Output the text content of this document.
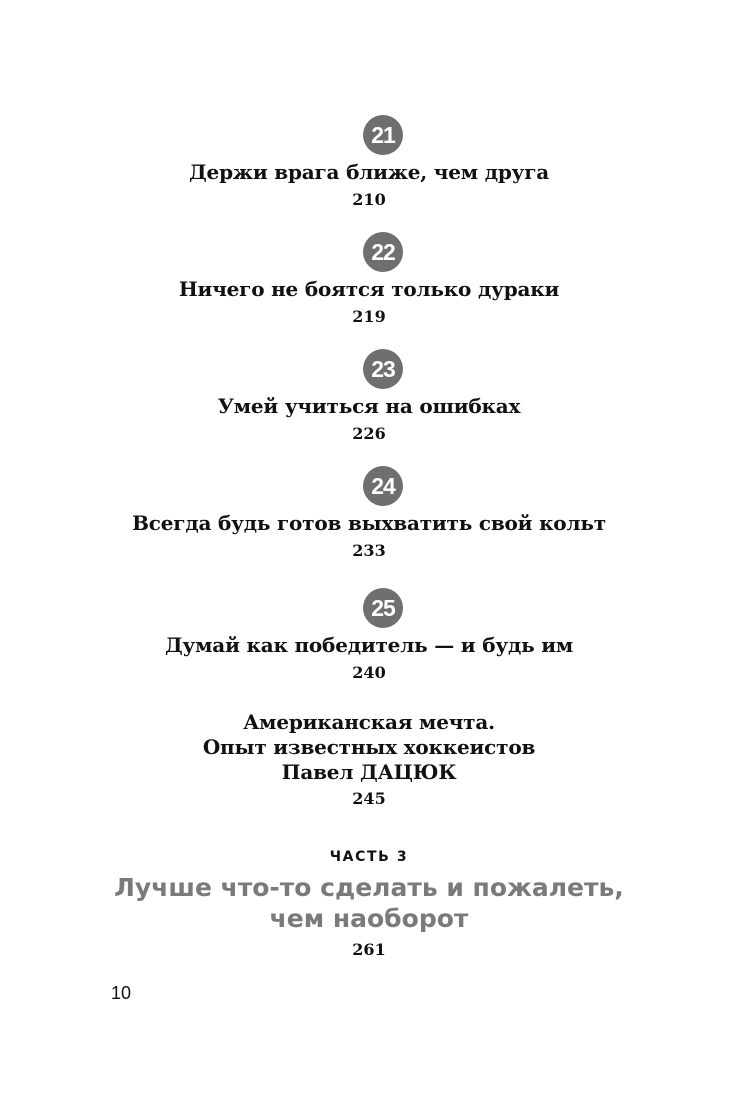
21
Держи врага ближе, чем друга
210
22
Ничего не боятся только дураки
219
23
Умей учиться на ошибках
226
24
Всегда будь готов выхватить свой кольт
233
25
Думай как победитель — и будь им
240
Американская мечта.
Опыт известных хоккеистов
Павел ДАЦЮК
245
ЧАСТЬ 3
Лучше что-то сделать и пожалеть,
чем наоборот
261
10
